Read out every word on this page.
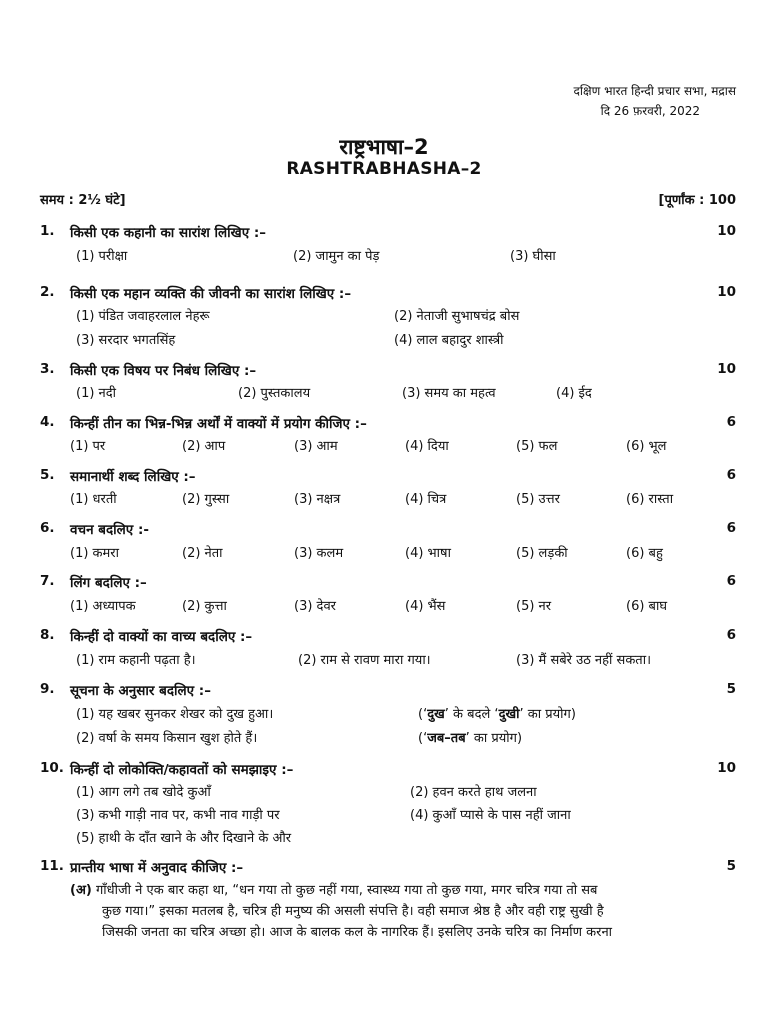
दक्षिण भारत हिन्दी प्रचार सभा, मद्रास
दि 26 फ़रवरी, 2022
राष्ट्रभाषा–2
RASHTRABHASHA–2
समय : 2½ घंटे]	[पूर्णांक : 100
1. किसी एक कहानी का सारांश लिखिए :–	10
(1) परीक्षा	(2) जामुन का पेड़	(3) घीसा
2. किसी एक महान व्यक्ति की जीवनी का सारांश लिखिए :–	10
(1) पंडित जवाहरलाल नेहरू	(2) नेताजी सुभाषचंद्र बोस
(3) सरदार भगतसिंह	(4) लाल बहादुर शास्त्री
3. किसी एक विषय पर निबंध लिखिए :–	10
(1) नदी	(2) पुस्तकालय	(3) समय का महत्व	(4) ईद
4. किन्हीं तीन का भिन्न-भिन्न अर्थों में वाक्यों में प्रयोग कीजिए :–	6
(1) पर	(2) आप	(3) आम	(4) दिया	(5) फल	(6) भूल
5. समानार्थी शब्द लिखिए :–	6
(1) धरती	(2) गुस्सा	(3) नक्षत्र	(4) चित्र	(5) उत्तर	(6) रास्ता
6. वचन बदलिए :-	6
(1) कमरा	(2) नेता	(3) कलम	(4) भाषा	(5) लड़की	(6) बहु
7. लिंग बदलिए :–	6
(1) अध्यापक	(2) कुत्ता	(3) देवर	(4) भैंस	(5) नर	(6) बाघ
8. किन्हीं दो वाक्यों का वाच्य बदलिए :–	6
(1) राम कहानी पढ़ता है।	(2) राम से रावण मारा गया।	(3) मैं सबेरे उठ नहीं सकता।
9. सूचना के अनुसार बदलिए :–	5
(1) यह खबर सुनकर शेखर को दुख हुआ।	(‘दुख’ के बदले ‘दुखी’ का प्रयोग)
(2) वर्षा के समय किसान खुश होते हैं।	(‘जब–तब’ का प्रयोग)
10. किन्हीं दो लोकोक्ति/कहावतों को समझाइए :–	10
(1) आग लगे तब खोदे कुआँ	(2) हवन करते हाथ जलना
(3) कभी गाड़ी नाव पर, कभी नाव गाड़ी पर	(4) कुआँ प्यासे के पास नहीं जाना
(5) हाथी के दाँत खाने के और दिखाने के और
11. प्रान्तीय भाषा में अनुवाद कीजिए :–	5
(अ) गाँधीजी ने एक बार कहा था, “धन गया तो कुछ नहीं गया, स्वास्थ्य गया तो कुछ गया, मगर चरित्र गया तो सब
कुछ गया।” इसका मतलब है, चरित्र ही मनुष्य की असली संपत्ति है। वही समाज श्रेष्ठ है और वही राष्ट्र सुखी है
जिसकी जनता का चरित्र अच्छा हो। आज के बालक कल के नागरिक हैं। इसलिए उनके चरित्र का निर्माण करना
